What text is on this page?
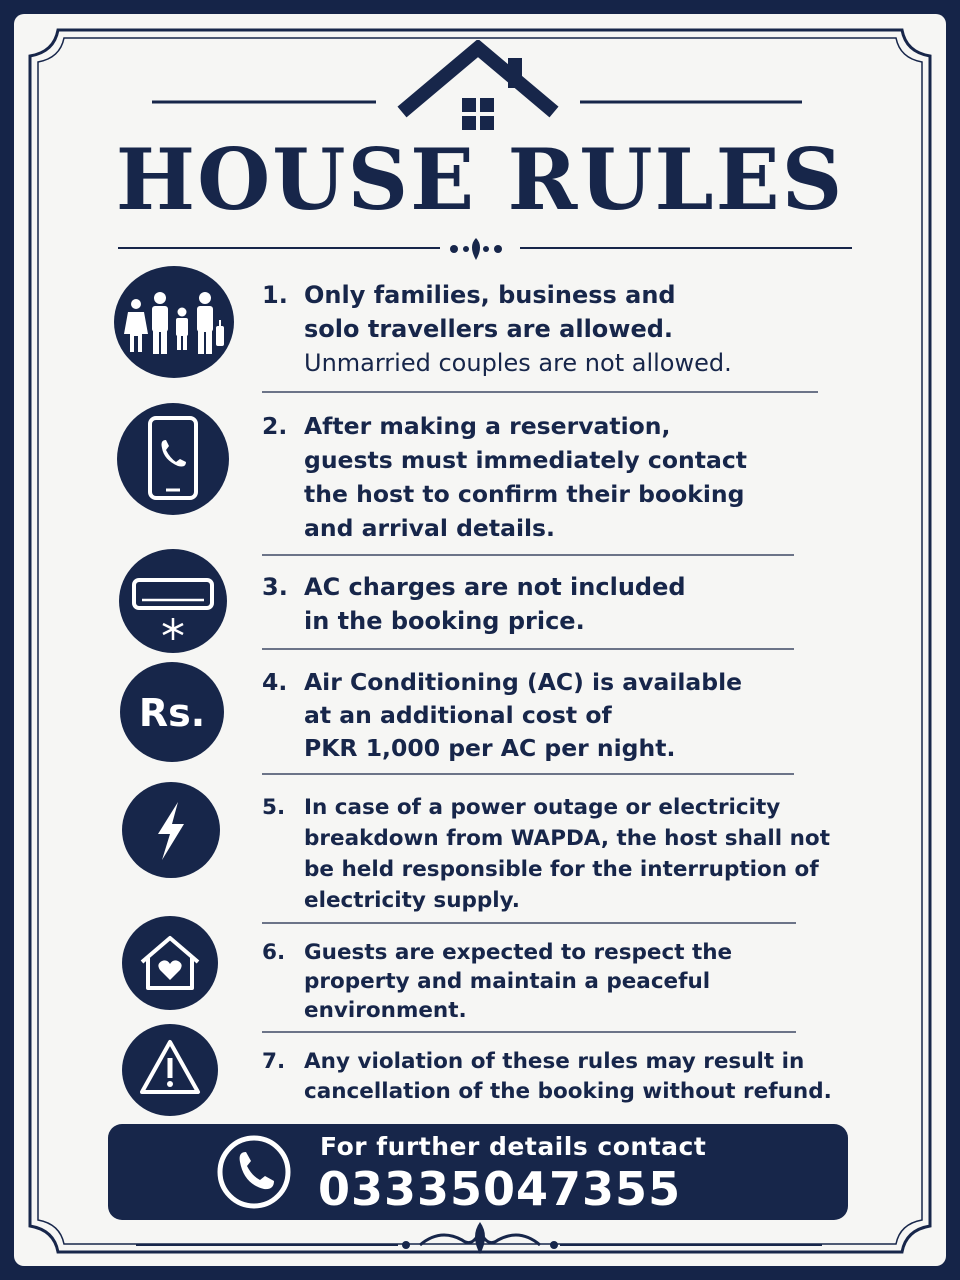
HOUSE RULES
1. Only families, business and
solo travellers are allowed.
Unmarried couples are not allowed.
2. After making a reservation,
guests must immediately contact
the host to confirm their booking
and arrival details.
3. AC charges are not included
in the booking price.
Rs.
4. Air Conditioning (AC) is available
at an additional cost of
PKR 1,000 per AC per night.
5. In case of a power outage or electricity
breakdown from WAPDA, the host shall not
be held responsible for the interruption of
electricity supply.
6. Guests are expected to respect the
property and maintain a peaceful
environment.
7. Any violation of these rules may result in
cancellation of the booking without refund.
For further details contact
03335047355
